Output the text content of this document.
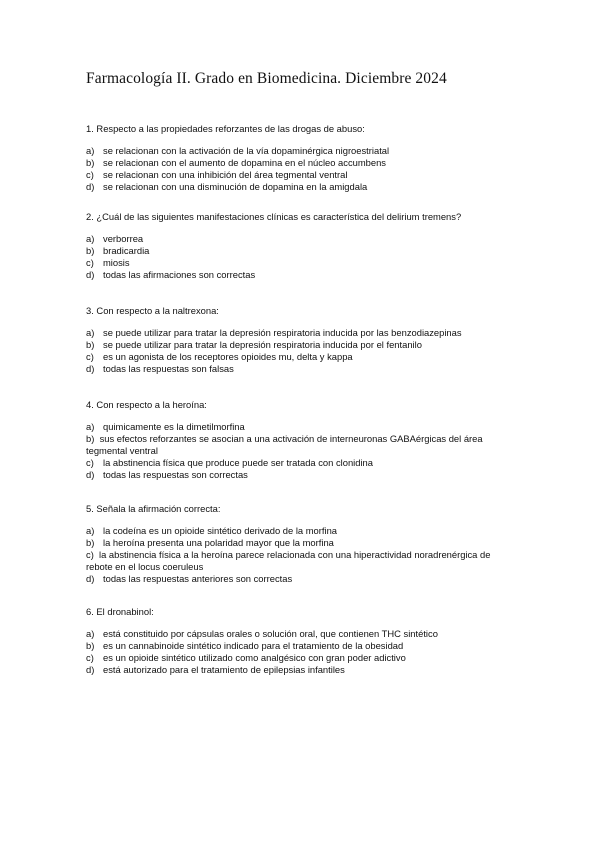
Farmacología II. Grado en Biomedicina. Diciembre 2024
1. Respecto a las propiedades reforzantes de las drogas de abuso:
a) se relacionan con la activación de la vía dopaminérgica nigroestriatal
b) se relacionan con el aumento de dopamina en el núcleo accumbens
c) se relacionan con una inhibición del área tegmental ventral
d) se relacionan con una disminución de dopamina en la amigdala
2. ¿Cuál de las siguientes manifestaciones clínicas es característica del delirium tremens?
a) verborrea
b) bradicardia
c) miosis
d) todas las afirmaciones son correctas
3. Con respecto a la naltrexona:
a) se puede utilizar para tratar la depresión respiratoria inducida por las benzodiazepinas
b) se puede utilizar para tratar la depresión respiratoria inducida por el fentanilo
c) es un agonista de los receptores opioides mu, delta y kappa
d) todas las respuestas son falsas
4. Con respecto a la heroína:
a) quimicamente es la dimetilmorfina
b) sus efectos reforzantes se asocian a una activación de interneuronas GABAérgicas del área tegmental ventral
c) la abstinencia física que produce puede ser tratada con clonidina
d) todas las respuestas son correctas
5. Señala la afirmación correcta:
a) la codeína es un opioide sintético derivado de la morfina
b) la heroína presenta una polaridad mayor que la morfina
c) la abstinencia física a la heroína parece relacionada con una hiperactividad noradrenérgica de rebote en el locus coeruleus
d) todas las respuestas anteriores son correctas
6. El dronabinol:
a) está constituido por cápsulas orales o solución oral, que contienen THC sintético
b) es un cannabinoide sintético indicado para el tratamiento de la obesidad
c) es un opioide sintético utilizado como analgésico con gran poder adictivo
d) está autorizado para el tratamiento de epilepsias infantiles
